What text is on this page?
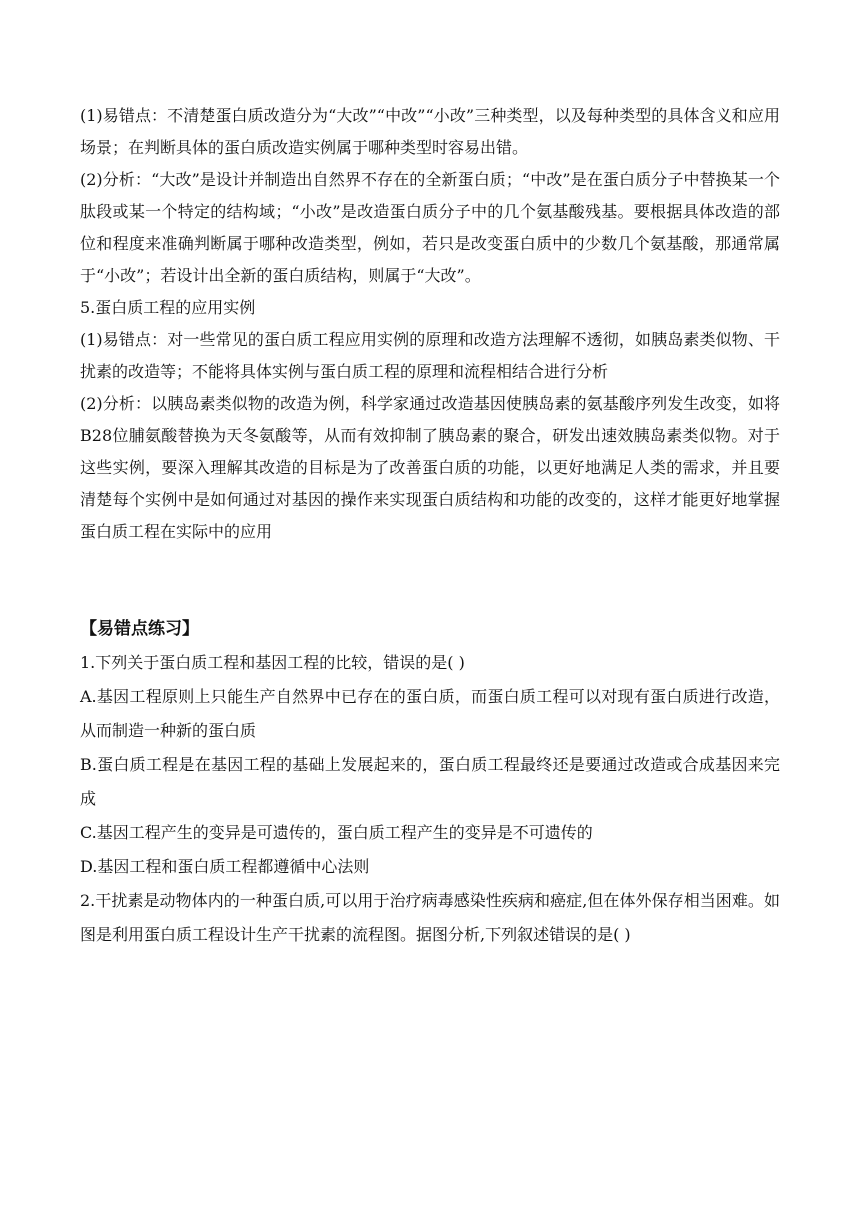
(1)易错点：不清楚蛋白质改造分为“大改”“中改”“小改”三种类型，以及每种类型的具体含义和应用场景；在判断具体的蛋白质改造实例属于哪种类型时容易出错。

(2)分析：“大改”是设计并制造出自然界不存在的全新蛋白质；“中改”是在蛋白质分子中替换某一个肽段或某一个特定的结构域；“小改”是改造蛋白质分子中的几个氨基酸残基。要根据具体改造的部位和程度来准确判断属于哪种改造类型，例如，若只是改变蛋白质中的少数几个氨基酸，那通常属于“小改”；若设计出全新的蛋白质结构，则属于“大改”。

5.蛋白质工程的应用实例

(1)易错点：对一些常见的蛋白质工程应用实例的原理和改造方法理解不透彻，如胰岛素类似物、干扰素的改造等；不能将具体实例与蛋白质工程的原理和流程相结合进行分析

(2)分析：以胰岛素类似物的改造为例，科学家通过改造基因使胰岛素的氨基酸序列发生改变，如将B28位脯氨酸替换为天冬氨酸等，从而有效抑制了胰岛素的聚合，研发出速效胰岛素类似物。对于这些实例，要深入理解其改造的目标是为了改善蛋白质的功能，以更好地满足人类的需求，并且要清楚每个实例中是如何通过对基因的操作来实现蛋白质结构和功能的改变的，这样才能更好地掌握蛋白质工程在实际中的应用

【易错点练习】

1.下列关于蛋白质工程和基因工程的比较，错误的是( )

A.基因工程原则上只能生产自然界中已存在的蛋白质，而蛋白质工程可以对现有蛋白质进行改造，从而制造一种新的蛋白质

B.蛋白质工程是在基因工程的基础上发展起来的，蛋白质工程最终还是要通过改造或合成基因来完成

C.基因工程产生的变异是可遗传的，蛋白质工程产生的变异是不可遗传的

D.基因工程和蛋白质工程都遵循中心法则

2.干扰素是动物体内的一种蛋白质,可以用于治疗病毒感染性疾病和癌症,但在体外保存相当困难。如图是利用蛋白质工程设计生产干扰素的流程图。据图分析,下列叙述错误的是( )
